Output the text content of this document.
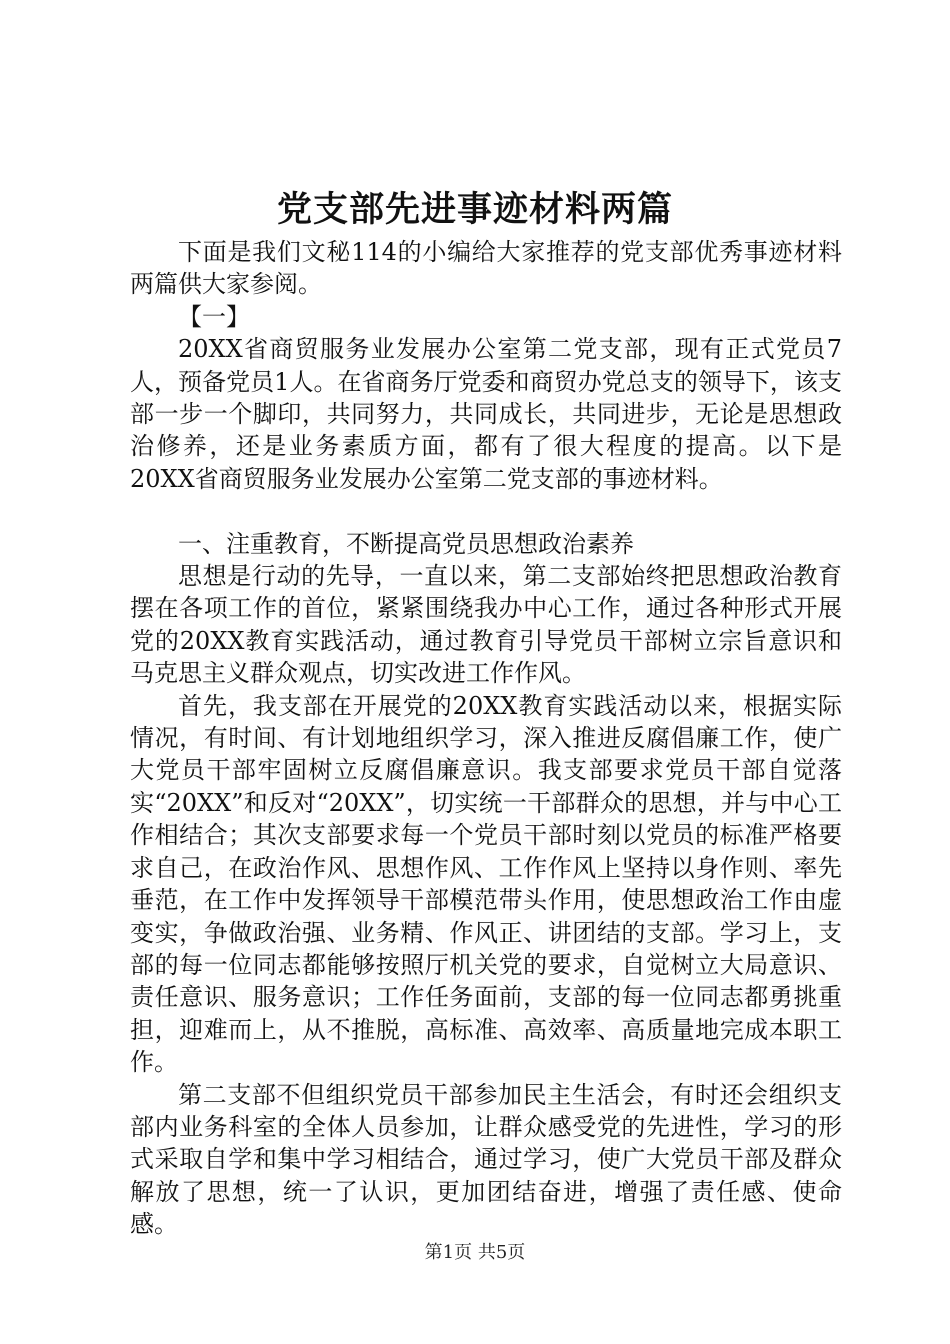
党支部先进事迹材料两篇

下面是我们文秘114的小编给大家推荐的党支部优秀事迹材料两篇供大家参阅。

【一】

20XX省商贸服务业发展办公室第二党支部，现有正式党员7人，预备党员1人。在省商务厅党委和商贸办党总支的领导下，该支部一步一个脚印，共同努力，共同成长，共同进步，无论是思想政治修养，还是业务素质方面，都有了很大程度的提高。以下是20XX省商贸服务业发展办公室第二党支部的事迹材料。

一、注重教育，不断提高党员思想政治素养

思想是行动的先导，一直以来，第二支部始终把思想政治教育摆在各项工作的首位，紧紧围绕我办中心工作，通过各种形式开展党的20XX教育实践活动，通过教育引导党员干部树立宗旨意识和马克思主义群众观点，切实改进工作作风。

首先，我支部在开展党的20XX教育实践活动以来，根据实际情况，有时间、有计划地组织学习，深入推进反腐倡廉工作，使广大党员干部牢固树立反腐倡廉意识。我支部要求党员干部自觉落实“20XX”和反对“20XX”，切实统一干部群众的思想，并与中心工作相结合；其次支部要求每一个党员干部时刻以党员的标准严格要求自己，在政治作风、思想作风、工作作风上坚持以身作则、率先垂范，在工作中发挥领导干部模范带头作用，使思想政治工作由虚变实，争做政治强、业务精、作风正、讲团结的支部。学习上，支部的每一位同志都能够按照厅机关党的要求，自觉树立大局意识、责任意识、服务意识；工作任务面前，支部的每一位同志都勇挑重担，迎难而上，从不推脱，高标准、高效率、高质量地完成本职工作。

第二支部不但组织党员干部参加民主生活会，有时还会组织支部内业务科室的全体人员参加，让群众感受党的先进性，学习的形式采取自学和集中学习相结合，通过学习，使广大党员干部及群众解放了思想，统一了认识，更加团结奋进，增强了责任感、使命感。

第1页 共5页
